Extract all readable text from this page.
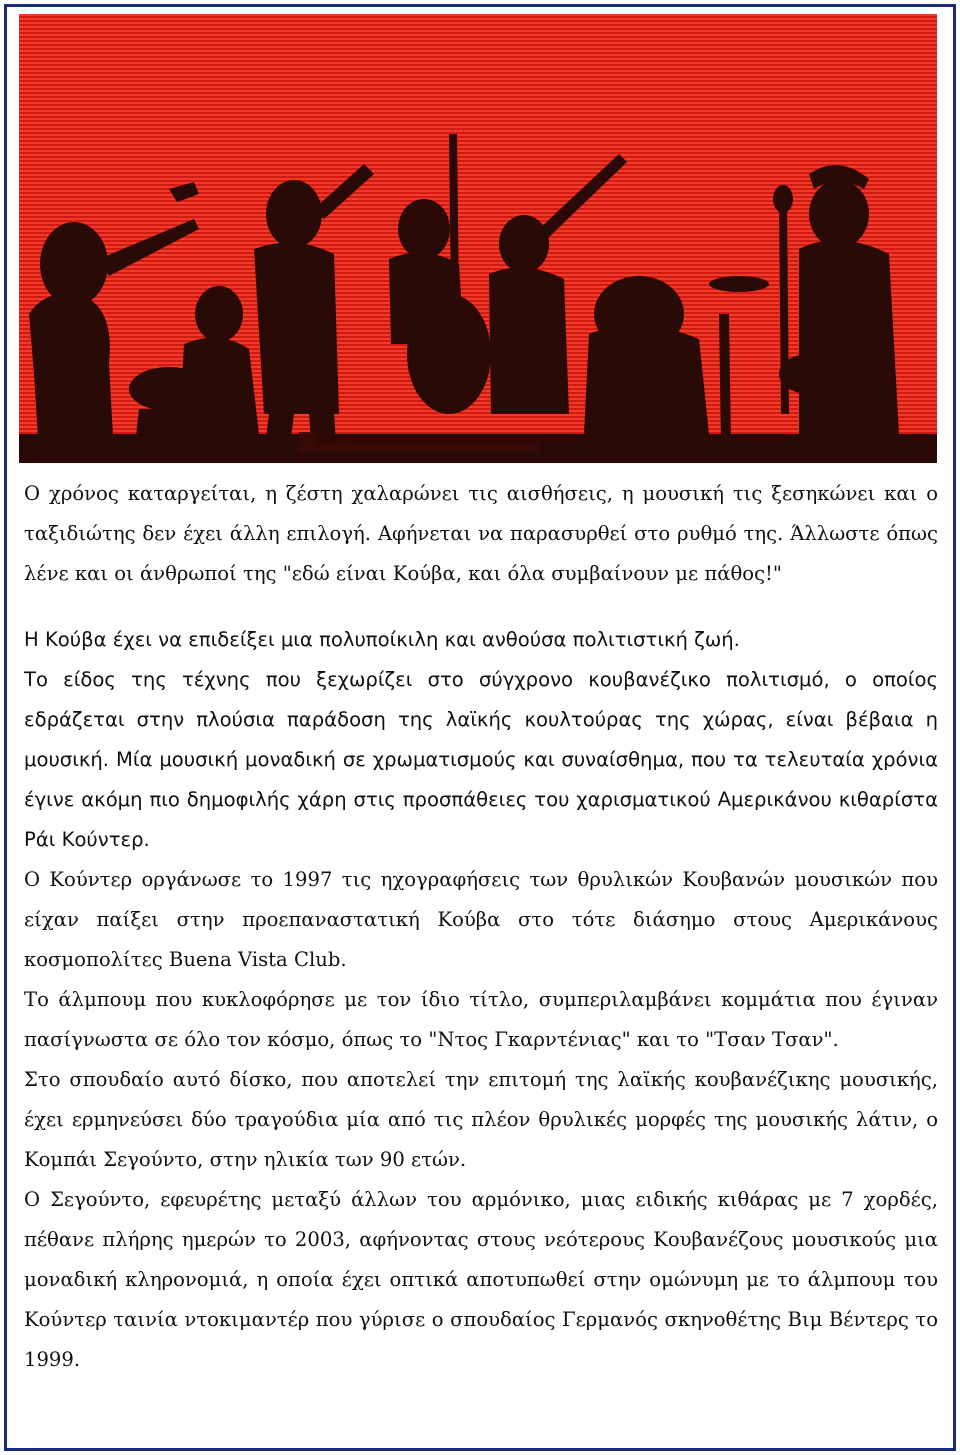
Ο χρόνος καταργείται, η ζέστη χαλαρώνει τις αισθήσεις, η μουσική τις ξεσηκώνει και ο ταξιδιώτης δεν έχει άλλη επιλογή. Αφήνεται να παρασυρθεί στο ρυθμό της. Άλλωστε όπως λένε και οι άνθρωποί της "εδώ είναι Κούβα, και όλα συμβαίνουν με πάθος!"

Η Κούβα έχει να επιδείξει μια πολυποίκιλη και ανθούσα πολιτιστική ζωή.

Το είδος της τέχνης που ξεχωρίζει στο σύγχρονο κουβανέζικο πολιτισμό, ο οποίος εδράζεται στην πλούσια παράδοση της λαϊκής κουλτούρας της χώρας, είναι βέβαια η μουσική. Μία μουσική μοναδική σε χρωματισμούς και συναίσθημα, που τα τελευταία χρόνια έγινε ακόμη πιο δημοφιλής χάρη στις προσπάθειες του χαρισματικού Αμερικάνου κιθαρίστα Ράι Κούντερ.

Ο Κούντερ οργάνωσε το 1997 τις ηχογραφήσεις των θρυλικών Κουβανών μουσικών που είχαν παίξει στην προεπαναστατική Κούβα στο τότε διάσημο στους Αμερικάνους κοσμοπολίτες Buena Vista Club.

Το άλμπουμ που κυκλοφόρησε με τον ίδιο τίτλο, συμπεριλαμβάνει κομμάτια που έγιναν πασίγνωστα σε όλο τον κόσμο, όπως το "Ντος Γκαρντένιας" και το "Τσαν Τσαν".

Στο σπουδαίο αυτό δίσκο, που αποτελεί την επιτομή της λαϊκής κουβανέζικης μουσικής, έχει ερμηνεύσει δύο τραγούδια μία από τις πλέον θρυλικές μορφές της μουσικής λάτιν, ο Κομπάι Σεγούντο, στην ηλικία των 90 ετών.

Ο Σεγούντο, εφευρέτης μεταξύ άλλων του αρμόνικο, μιας ειδικής κιθάρας με 7 χορδές, πέθανε πλήρης ημερών το 2003, αφήνοντας στους νεότερους Κουβανέζους μουσικούς μια μοναδική κληρονομιά, η οποία έχει οπτικά αποτυπωθεί στην ομώνυμη με το άλμπουμ του Κούντερ ταινία ντοκιμαντέρ που γύρισε ο σπουδαίος Γερμανός σκηνοθέτης Βιμ Βέντερς το 1999.
